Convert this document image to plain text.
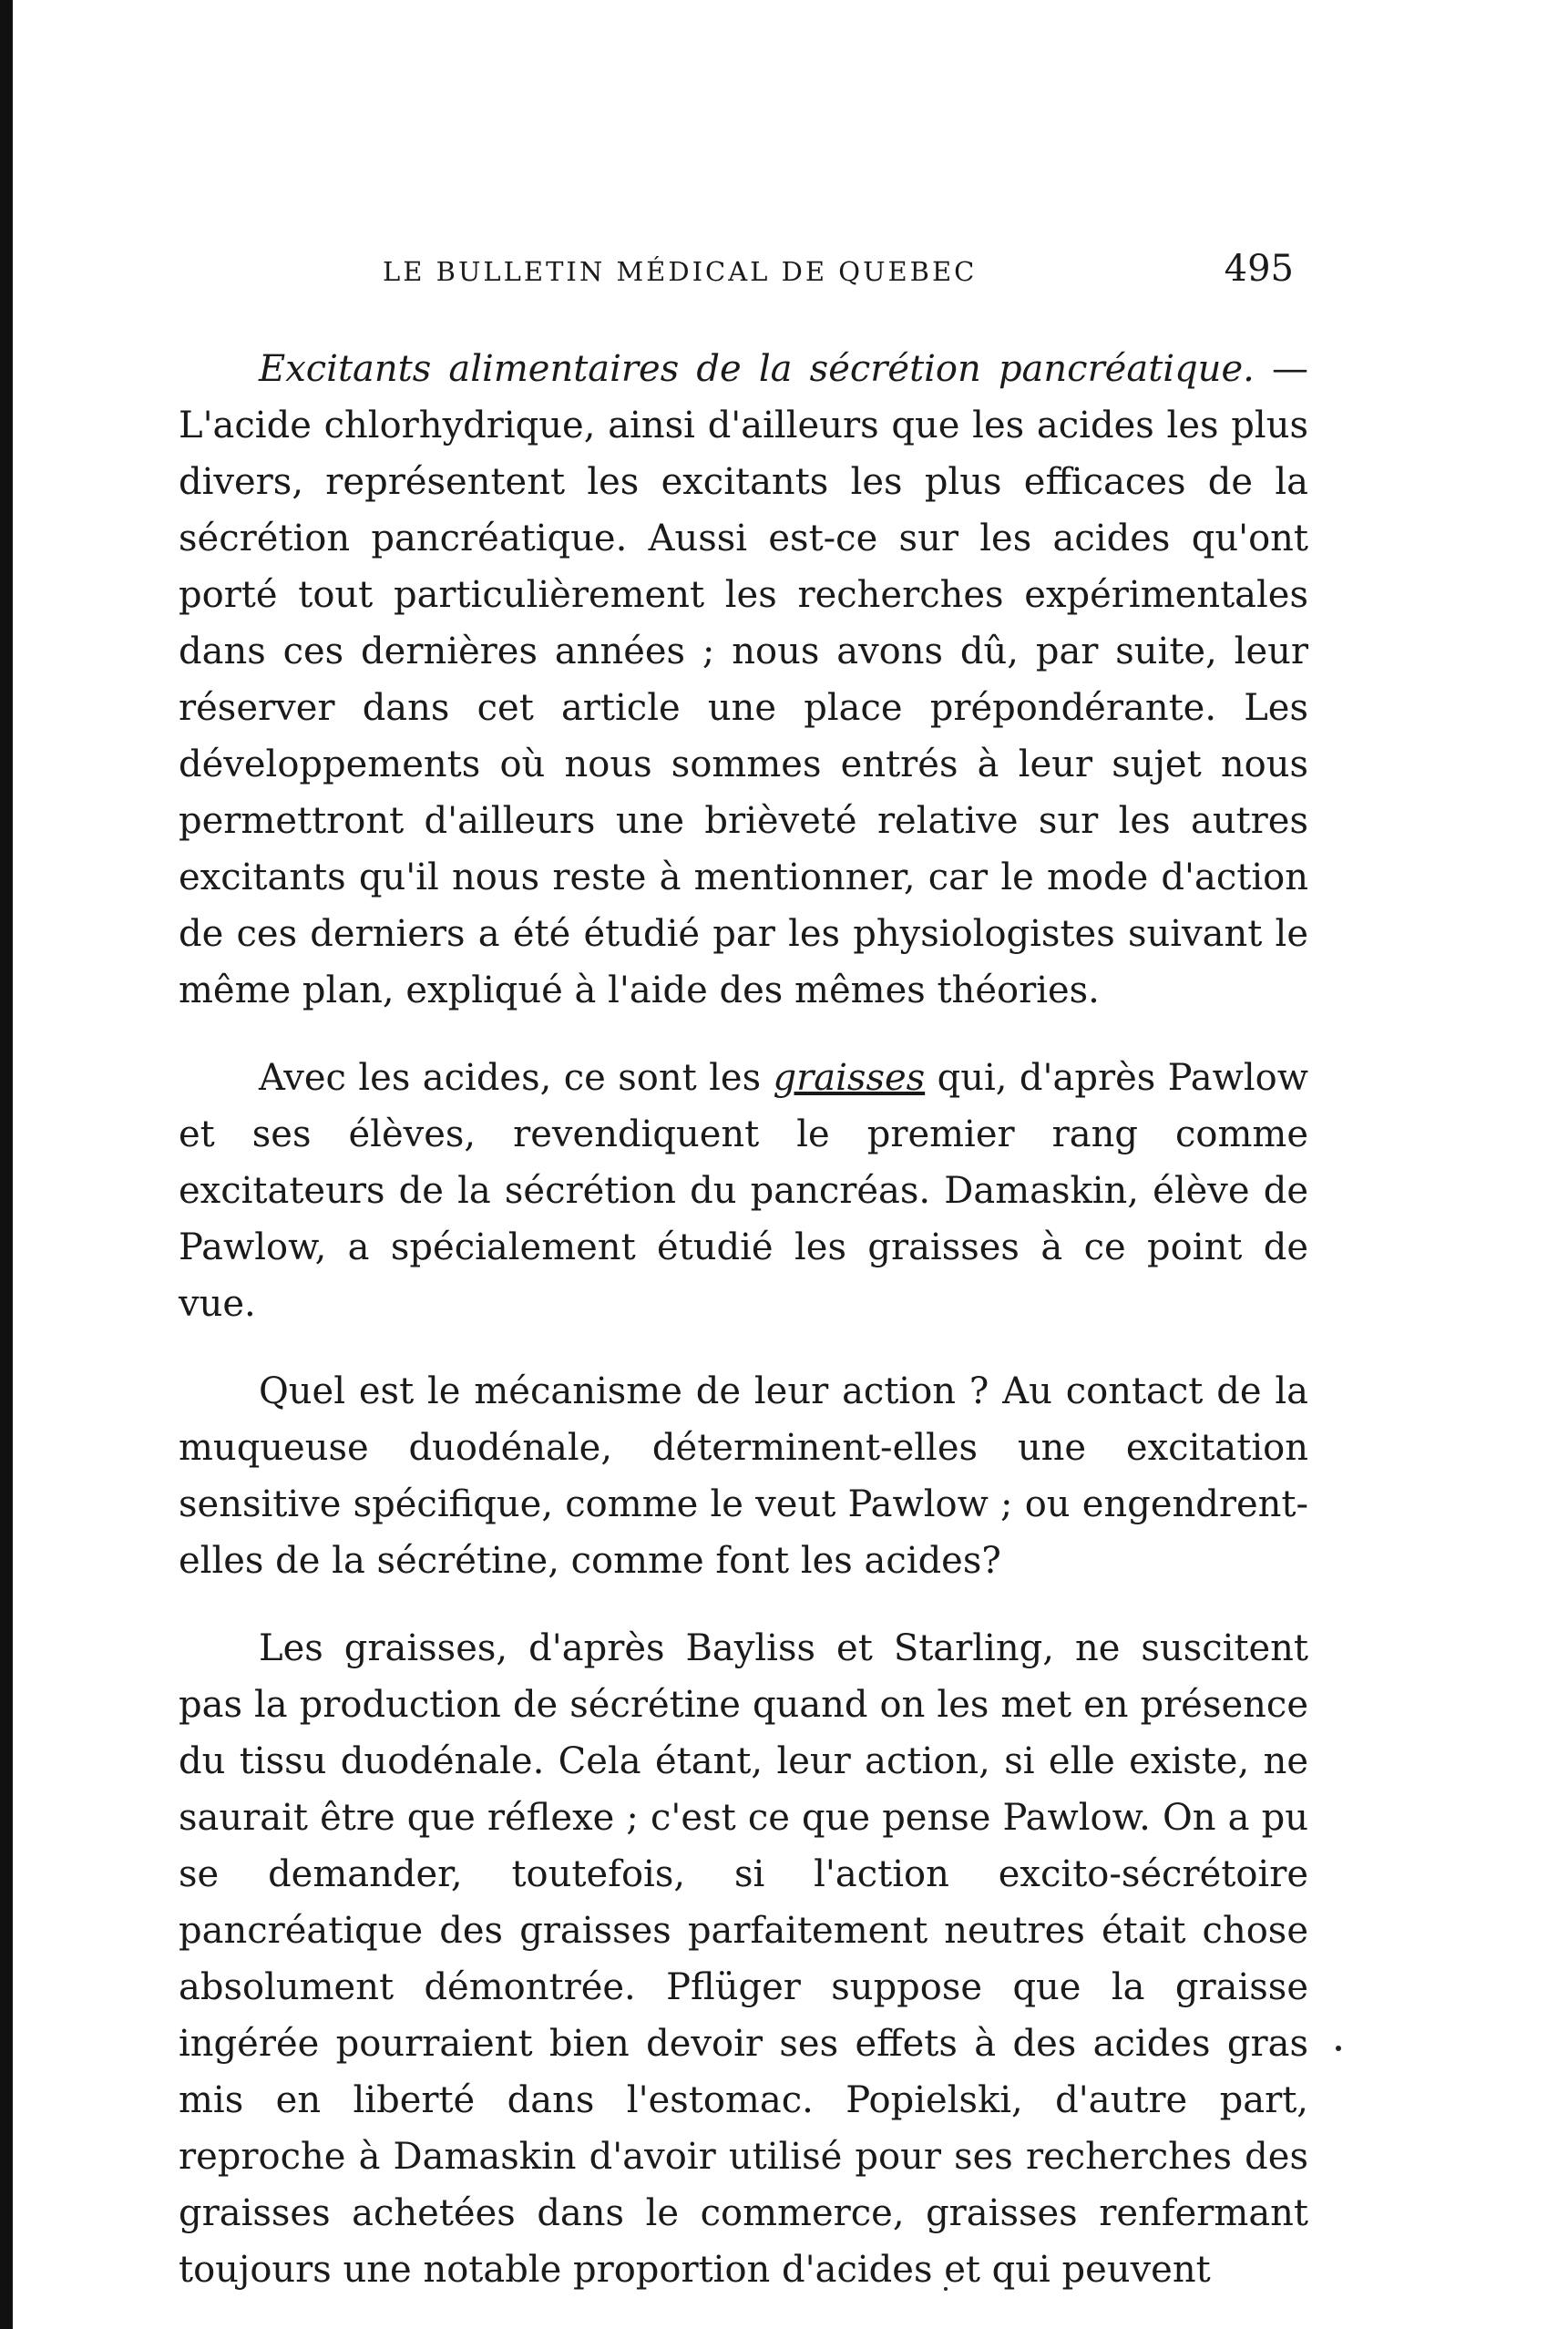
LE BULLETIN MÉDICAL DE QUEBEC	495

Excitants alimentaires de la sécrétion pancréatique. — L'acide chlorhydrique, ainsi d'ailleurs que les acides les plus divers, représentent les excitants les plus efficaces de la sécrétion pancréatique. Aussi est-ce sur les acides qu'ont porté tout particulièrement les recherches expérimentales dans ces dernières années ; nous avons dû, par suite, leur réserver dans cet article une place prépondérante. Les développements où nous sommes entrés à leur sujet nous permettront d'ailleurs une brièveté relative sur les autres excitants qu'il nous reste à mentionner, car le mode d'action de ces derniers a été étudié par les physiologistes suivant le même plan, expliqué à l'aide des mêmes théories.

Avec les acides, ce sont les graisses qui, d'après Pawlow et ses élèves, revendiquent le premier rang comme excitateurs de la sécrétion du pancréas. Damaskin, élève de Pawlow, a spécialement étudié les graisses à ce point de vue.

Quel est le mécanisme de leur action ? Au contact de la muqueuse duodénale, déterminent-elles une excitation sensitive spécifique, comme le veut Pawlow ; ou engendrent-elles de la sécrétine, comme font les acides?

Les graisses, d'après Bayliss et Starling, ne suscitent pas la production de sécrétine quand on les met en présence du tissu duodénale. Cela étant, leur action, si elle existe, ne saurait être que réflexe ; c'est ce que pense Pawlow. On a pu se demander, toutefois, si l'action excito-sécrétoire pancréatique des graisses parfaitement neutres était chose absolument démontrée. Pflüger suppose que la graisse ingérée pourraient bien devoir ses effets à des acides gras mis en liberté dans l'estomac. Popielski, d'autre part, reproche à Damaskin d'avoir utilisé pour ses recherches des graisses achetées dans le commerce, graisses renfermant toujours une notable proportion d'acides et qui peuvent
